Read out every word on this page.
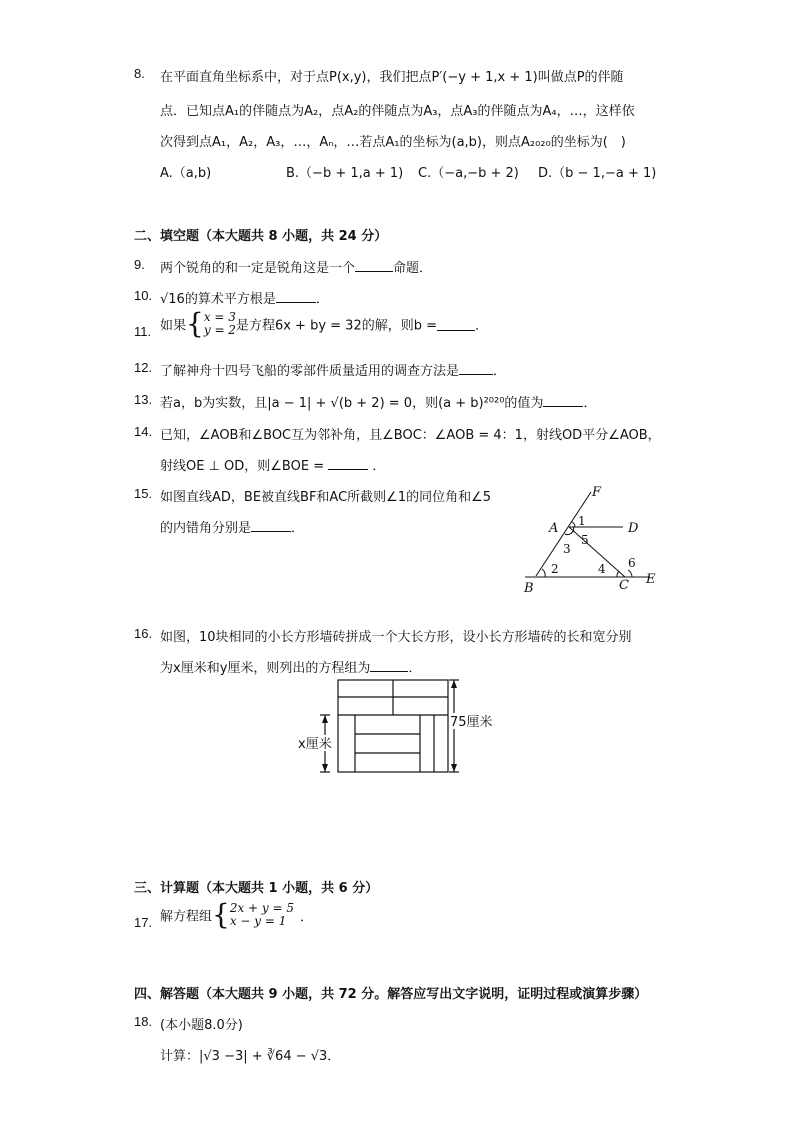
8. 在平面直角坐标系中，对于点P(x,y)，我们把点P′(−y + 1,x + 1)叫做点P的伴随
点．已知点A₁的伴随点为A₂，点A₂的伴随点为A₃，点A₃的伴随点为A₄，…，这样依
次得到点A₁，A₂，A₃，…，Aₙ，…若点A₁的坐标为(a,b)，则点A₂₀₂₀的坐标为(　)
A.（a,b)	B.（−b + 1,a + 1) C.（−a,−b + 2) D.（b − 1,−a + 1)
二、填空题（本大题共 8 小题，共 24 分）
9. 两个锐角的和一定是锐角这是一个	命题．
10. √16的算术平方根是	．
11. 如果{x = 3
y = 2是方程6x + by = 32的解，则b =	．
12. 了解神舟十四号飞船的零部件质量适用的调查方法是	．
13. 若a，b为实数，且|a − 1| + √(b + 2) = 0，则(a + b)²⁰²⁰的值为	．
14. 已知，∠AOB和∠BOC互为邻补角，且∠BOC：∠AOB = 4：1，射线OD平分∠AOB，
射线OE ⊥ OD，则∠BOE =	．
15. 如图直线AD，BE被直线BF和AC所截则∠1的同位角和∠5
的内错角分别是	．
F
A	D
B	C E
1
2
3
4
5
6
16. 如图，10块相同的小长方形墙砖拼成一个大长方形，设小长方形墙砖的长和宽分别
为x厘米和y厘米，则列出的方程组为	．
75厘米
x厘米
三、计算题（本大题共 1 小题，共 6 分）
17. 解方程组{2x + y = 5
x − y = 1 ．
四、解答题（本大题共 9 小题，共 72 分。解答应写出文字说明，证明过程或演算步骤）
18. (本小题8.0分)
计算：|√3 −3| + ∛64 − √3．
